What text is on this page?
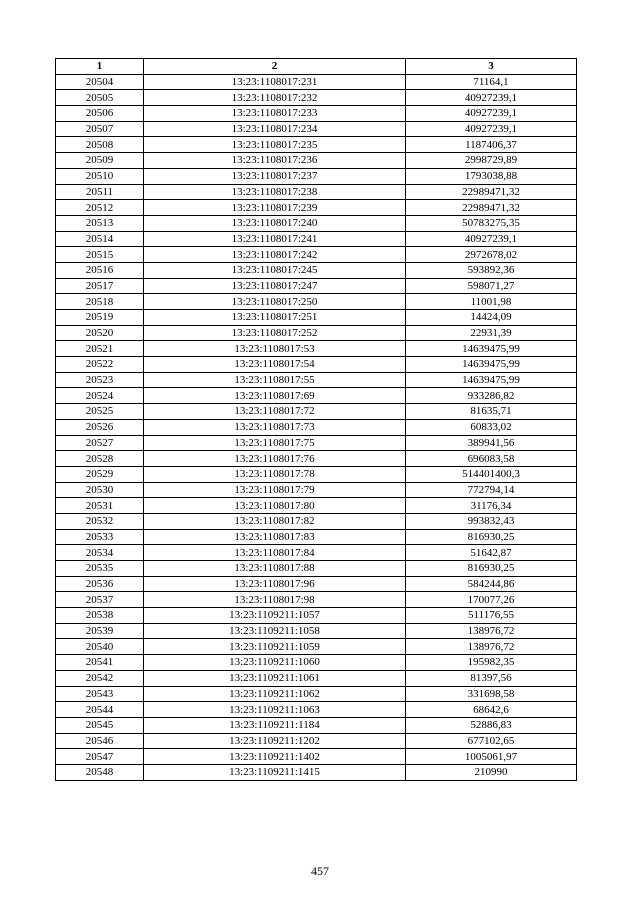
1	2	3
20504	13:23:1108017:231	71164,1
20505	13:23:1108017:232	40927239,1
20506	13:23:1108017:233	40927239,1
20507	13:23:1108017:234	40927239,1
20508	13:23:1108017:235	1187406,37
20509	13:23:1108017:236	2998729,89
20510	13:23:1108017:237	1793038,88
20511	13:23:1108017:238	22989471,32
20512	13:23:1108017:239	22989471,32
20513	13:23:1108017:240	50783275,35
20514	13:23:1108017:241	40927239,1
20515	13:23:1108017:242	2972678,02
20516	13:23:1108017:245	593892,36
20517	13:23:1108017:247	598071,27
20518	13:23:1108017:250	11001,98
20519	13:23:1108017:251	14424,09
20520	13:23:1108017:252	22931,39
20521	13:23:1108017:53	14639475,99
20522	13:23:1108017:54	14639475,99
20523	13:23:1108017:55	14639475,99
20524	13:23:1108017:69	933286,82
20525	13:23:1108017:72	81635,71
20526	13:23:1108017:73	60833,02
20527	13:23:1108017:75	389941,56
20528	13:23:1108017:76	696083,58
20529	13:23:1108017:78	514401400,3
20530	13:23:1108017:79	772794,14
20531	13:23:1108017:80	31176,34
20532	13:23:1108017:82	993832,43
20533	13:23:1108017:83	816930,25
20534	13:23:1108017:84	51642,87
20535	13:23:1108017:88	816930,25
20536	13:23:1108017:96	584244,86
20537	13:23:1108017:98	170077,26
20538	13:23:1109211:1057	511176,55
20539	13:23:1109211:1058	138976,72
20540	13:23:1109211:1059	138976,72
20541	13:23:1109211:1060	195982,35
20542	13:23:1109211:1061	81397,56
20543	13:23:1109211:1062	331698,58
20544	13:23:1109211:1063	68642,6
20545	13:23:1109211:1184	52886,83
20546	13:23:1109211:1202	677102,65
20547	13:23:1109211:1402	1005061,97
20548	13:23:1109211:1415	210990
457
